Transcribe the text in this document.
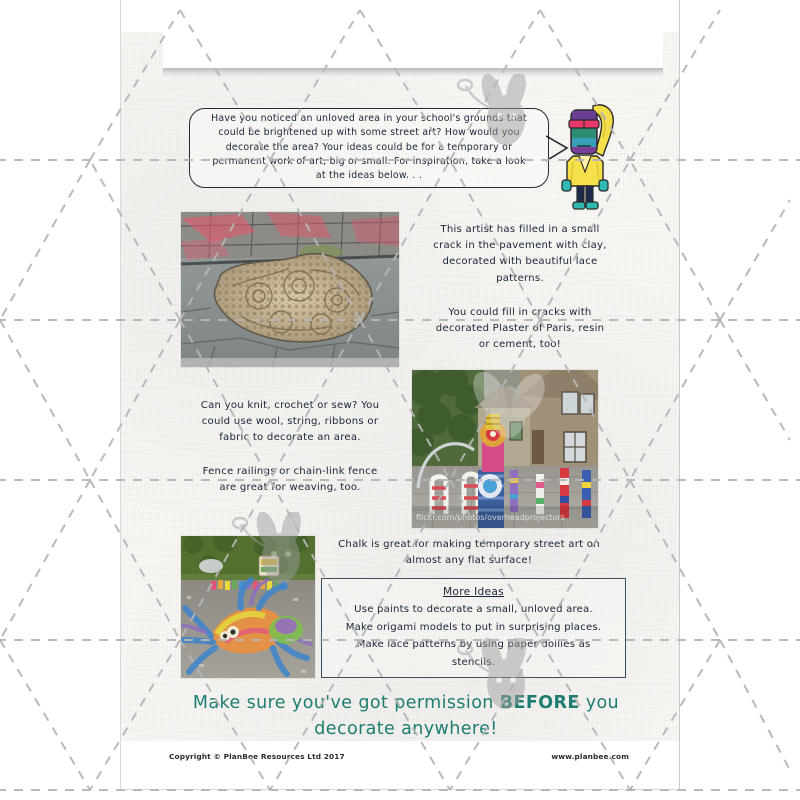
Have you noticed an unloved area in your school's grounds that
could be brightened up with some street art? How would you
decorate the area? Your ideas could be for a temporary or
permanent work of art, big or small. For inspiration, take a look
at the ideas below. . .
flickr.com/photos/overheadprojectors
This artist has filled in a small
crack in the pavement with clay,
decorated with beautiful lace
patterns.
You could fill in cracks with
decorated Plaster of Paris, resin
or cement, too!
Can you knit, crochet or sew? You
could use wool, string, ribbons or
fabric to decorate an area.
Fence railings or chain-link fence
are great for weaving, too.
Chalk is great for making temporary street art on
almost any flat surface!
More Ideas
Use paints to decorate a small, unloved area.
Make origami models to put in surprising places.
Make lace patterns by using paper doilies as
stencils.
Make sure you've got permission BEFORE you
decorate anywhere!
Copyright © PlanBee Resources Ltd 2017	www.planbee.com
